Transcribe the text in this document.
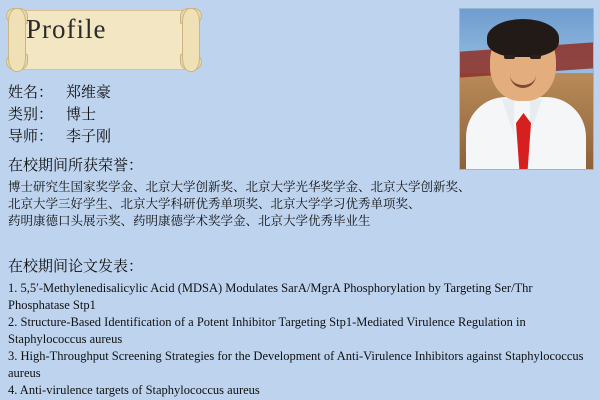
Profile
姓名： 郑维豪
类别： 博士
导师： 李子刚
在校期间所获荣誉：
博士研究生国家奖学金、北京大学创新奖、北京大学光华奖学金、北京大学创新奖、
北京大学三好学生、北京大学科研优秀单项奖、北京大学学习优秀单项奖、
药明康德口头展示奖、药明康德学术奖学金、北京大学优秀毕业生
在校期间论文发表：
1. 5,5′-Methylenedisalicylic Acid (MDSA) Modulates SarA/MgrA Phosphorylation by Targeting Ser/Thr Phosphatase Stp1
2. Structure-Based Identification of a Potent Inhibitor Targeting Stp1-Mediated Virulence Regulation in Staphylococcus aureus
3. High-Throughput Screening Strategies for the Development of Anti-Virulence Inhibitors against Staphylococcus aureus
4. Anti-virulence targets of Staphylococcus aureus
